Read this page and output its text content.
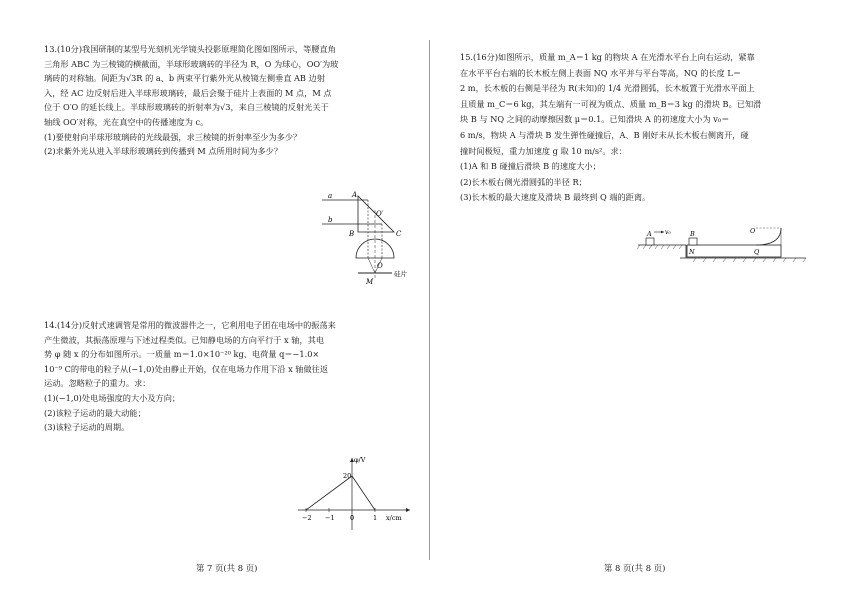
13.(10分)我国研制的某型号光刻机光学镜头投影原理简化图如图所示，等腰直角

三角形 ABC 为三棱镜的横截面，半球形玻璃砖的半径为 R，O 为球心，OO′为玻

璃砖的对称轴。间距为√3R 的 a、b 两束平行紫外光从棱镜左侧垂直 AB 边射

入，经 AC 边反射后进入半球形玻璃砖，最后会聚于硅片上表面的 M 点，M 点

位于 O′O 的延长线上。半球形玻璃砖的折射率为√3，来自三棱镜的反射光关于

轴线 OO′对称，光在真空中的传播速度为 c。

(1)要使射向半球形玻璃砖的光线最强，求三棱镜的折射率至少为多少？

(2)求紫外光从进入半球形玻璃砖到传播到 M 点所用时间为多少？

a
b
A
B	C
O′
O
M
硅片

14.(14分)反射式速调管是常用的微波器件之一，它利用电子团在电场中的振荡来

产生微波，其振荡原理与下述过程类似。已知静电场的方向平行于 x 轴，其电

势 φ 随 x 的分布如图所示。一质量 m＝1.0×10⁻²⁰ kg、电荷量 q＝−1.0×

10⁻⁹ C的带电的粒子从(−1,0)处由静止开始，仅在电场力作用下沿 x 轴做往返

运动。忽略粒子的重力。求：

(1)(−1,0)处电场强度的大小及方向；

(2)该粒子运动的最大动能；

(3)该粒子运动的周期。

φ/V
20
−2 −1 0	1 x/cm
第 7 页(共 8 页)

15.(16分)如图所示，质量 m_A＝1 kg 的物块 A 在光滑水平台上向右运动，紧靠

在水平平台右端的长木板左侧上表面 NQ 水平并与平台等高，NQ 的长度 L＝

2 m，长木板的右侧是半径为 R(未知)的 1/4 光滑圆弧，长木板置于光滑水平面上

且质量 m_C＝6 kg，其左端有一可视为质点、质量 m_B＝3 kg 的滑块 B。已知滑

块 B 与 NQ 之间的动摩擦因数 μ＝0.1。已知滑块 A 的初速度大小为 v₀＝

6 m/s，物块 A 与滑块 B 发生弹性碰撞后，A、B 刚好未从长木板右侧离开，碰

撞时间极短，重力加速度 g 取 10 m/s²。求：

(1)A 和 B 碰撞后滑块 B 的速度大小；

(2)长木板右侧光滑圆弧的半径 R；

(3)长木板的最大速度及滑块 B 最终到 Q 端的距离。

A v₀	B
N	Q
O
第 8 页(共 8 页)
